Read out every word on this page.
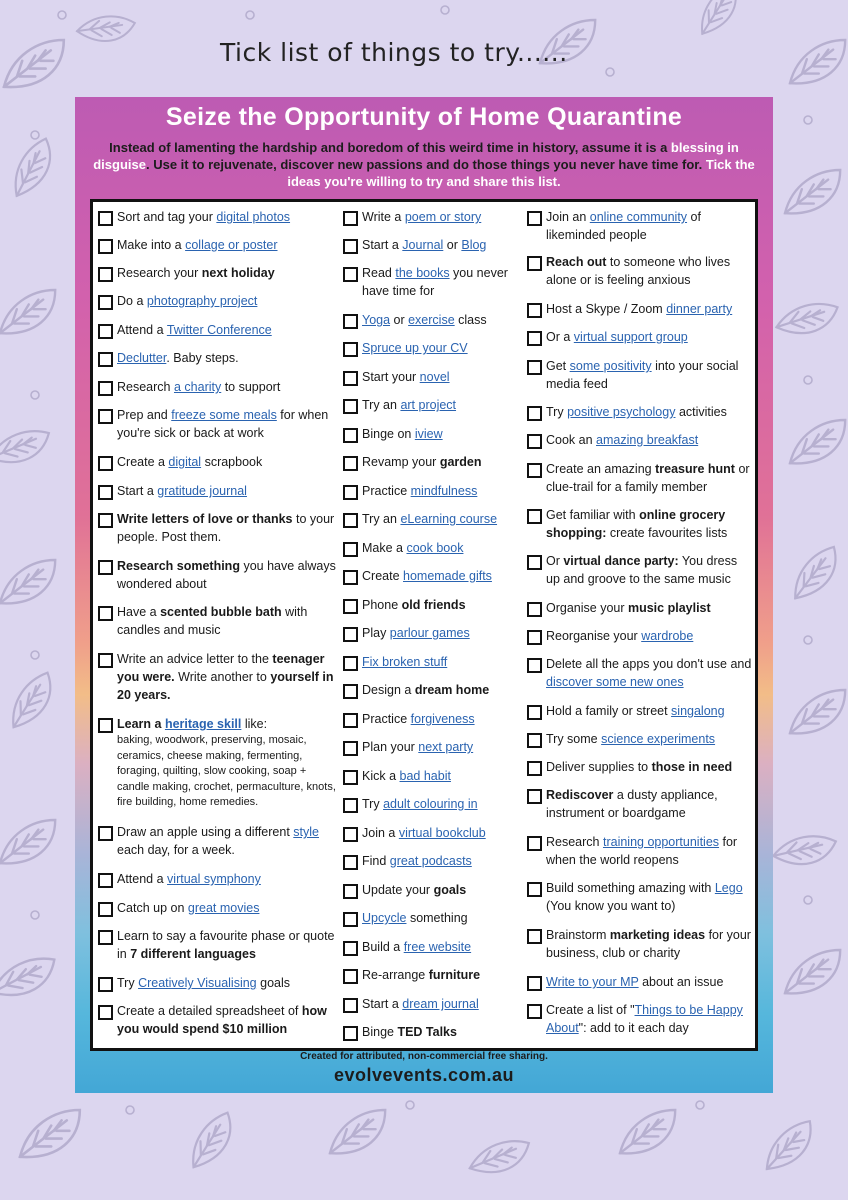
Tick list of things to try......
Seize the Opportunity of Home Quarantine
Instead of lamenting the hardship and boredom of this weird time in history, assume it is a blessing in disguise. Use it to rejuvenate, discover new passions and do those things you never have time for. Tick the ideas you're willing to try and share this list.
Sort and tag your digital photos
Make into a collage or poster
Research your next holiday
Do a photography project
Attend a Twitter Conference
Declutter. Baby steps.
Research a charity to support
Prep and freeze some meals for when you're sick or back at work
Create a digital scrapbook
Start a gratitude journal
Write letters of love or thanks to your people. Post them.
Research something you have always wondered about
Have a scented bubble bath with candles and music
Write an advice letter to the teenager you were. Write another to yourself in 20 years.
Learn a heritage skill like:
baking, woodwork, preserving, mosaic, ceramics, cheese making, fermenting, foraging, quilting, slow cooking, soap + candle making, crochet, permaculture, knots, fire building, home remedies.
Draw an apple using a different style each day, for a week.
Attend a virtual symphony
Catch up on great movies
Learn to say a favourite phase or quote in 7 different languages
Try Creatively Visualising goals
Create a detailed spreadsheet of how you would spend $10 million
Write a poem or story
Start a Journal or Blog
Read the books you never have time for
Yoga or exercise class
Spruce up your CV
Start your novel
Try an art project
Binge on iview
Revamp your garden
Practice mindfulness
Try an eLearning course
Make a cook book
Create homemade gifts
Phone old friends
Play parlour games
Fix broken stuff
Design a dream home
Practice forgiveness
Plan your next party
Kick a bad habit
Try adult colouring in
Join a virtual bookclub
Find great podcasts
Update your goals
Upcycle something
Build a free website
Re-arrange furniture
Start a dream journal
Binge TED Talks
Join an online community of likeminded people
Reach out to someone who lives alone or is feeling anxious
Host a Skype / Zoom dinner party
Or a virtual support group
Get some positivity into your social media feed
Try positive psychology activities
Cook an amazing breakfast
Create an amazing treasure hunt or clue-trail for a family member
Get familiar with online grocery shopping: create favourites lists
Or virtual dance party: You dress up and groove to the same music
Organise your music playlist
Reorganise your wardrobe
Delete all the apps you don't use and discover some new ones
Hold a family or street singalong
Try some science experiments
Deliver supplies to those in need
Rediscover a dusty appliance, instrument or boardgame
Research training opportunities for when the world reopens
Build something amazing with Lego (You know you want to)
Brainstorm marketing ideas for your business, club or charity
Write to your MP about an issue
Create a list of "Things to be Happy About": add to it each day
Created for attributed, non-commercial free sharing.
evolvevents.com.au
